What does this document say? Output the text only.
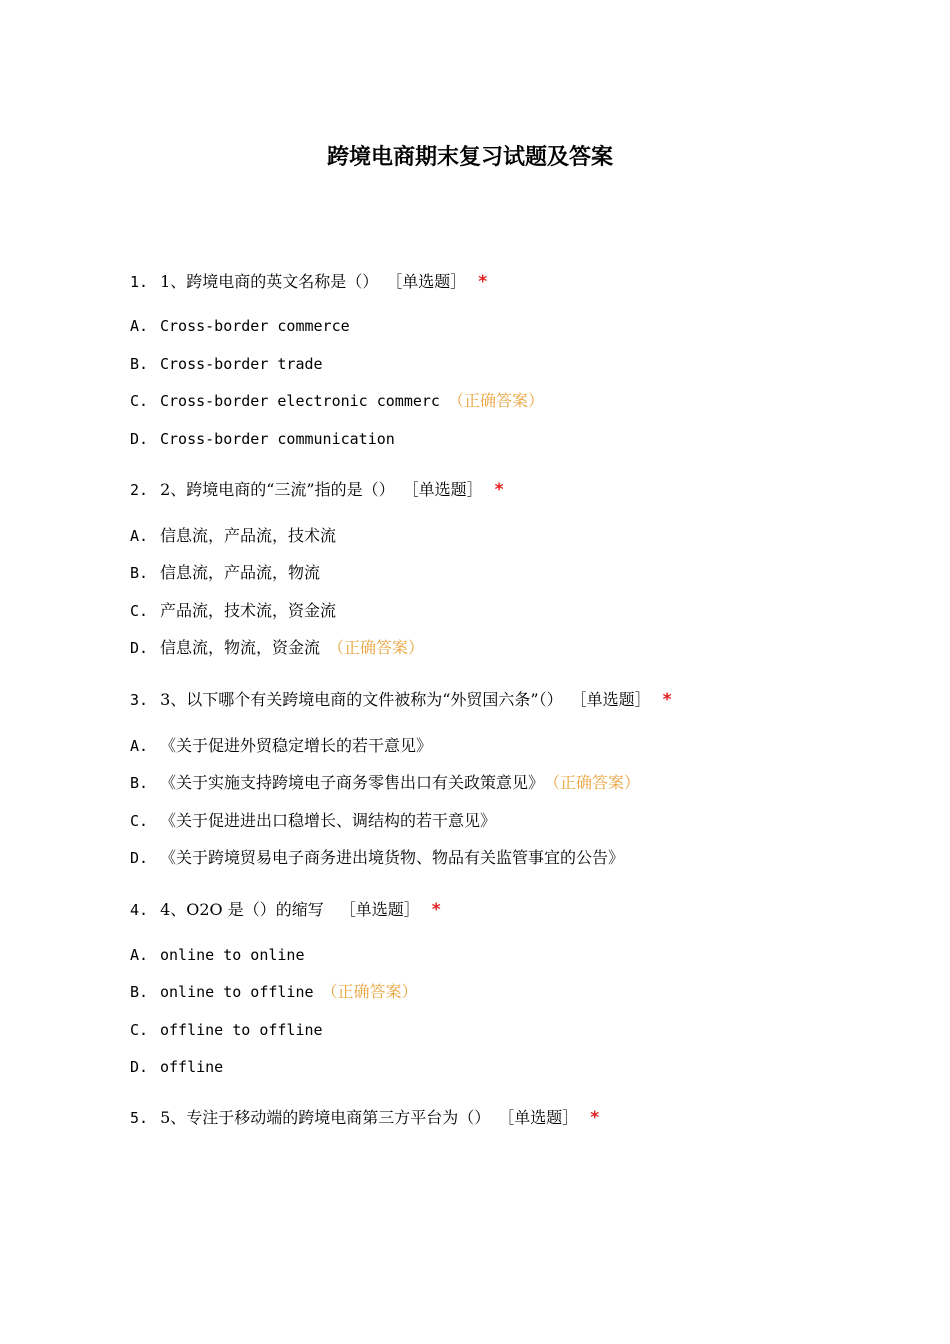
跨境电商期末复习试题及答案
1. 1、跨境电商的英文名称是（） ［单选题］ *
A. Cross-border commerce
B. Cross-border trade
C. Cross-border electronic commerc （正确答案）
D. Cross-border communication
2. 2、跨境电商的“三流”指的是（） ［单选题］ *
A. 信息流，产品流，技术流
B. 信息流，产品流，物流
C. 产品流，技术流，资金流
D. 信息流，物流，资金流 （正确答案）
3. 3、以下哪个有关跨境电商的文件被称为“外贸国六条”（） ［单选题］ *
A. 《关于促进外贸稳定增长的若干意见》
B. 《关于实施支持跨境电子商务零售出口有关政策意见》 （正确答案）
C. 《关于促进进出口稳增长、调结构的若干意见》
D. 《关于跨境贸易电子商务进出境货物、物品有关监管事宜的公告》
4. 4、O2O 是（）的缩写 ［单选题］ *
A. online to online
B. online to offline （正确答案）
C. offline to offline
D. offline
5. 5、专注于移动端的跨境电商第三方平台为（） ［单选题］ *
